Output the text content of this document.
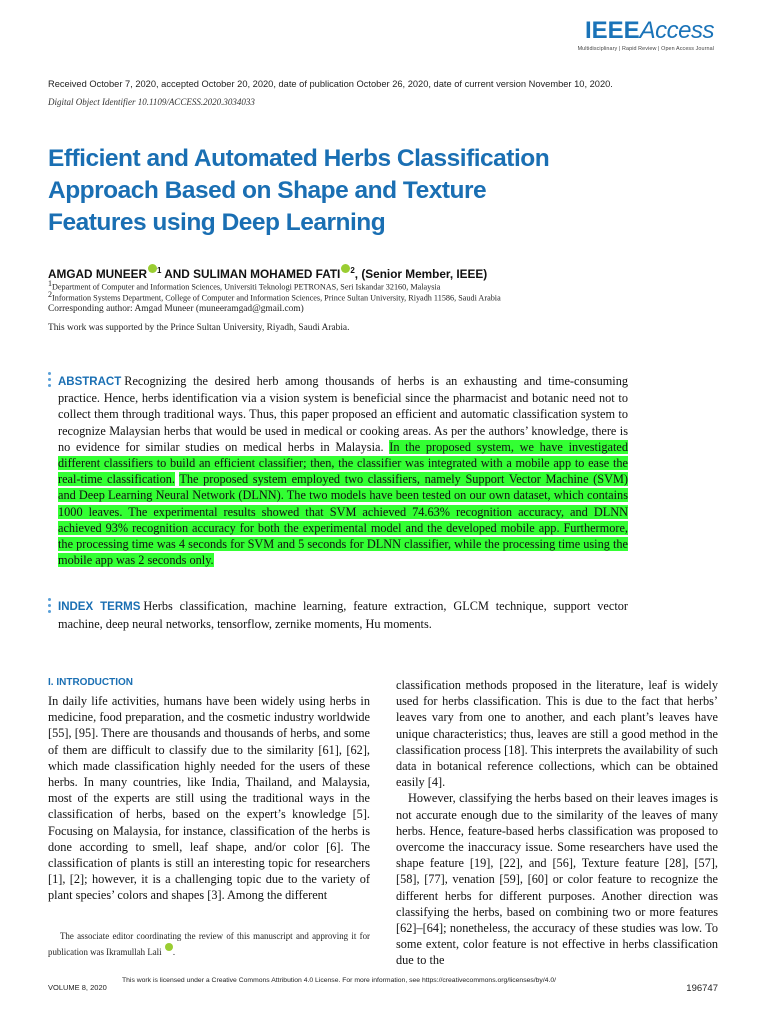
IEEEAccess
Multidisciplinary | Rapid Review | Open Access Journal
Received October 7, 2020, accepted October 20, 2020, date of publication October 26, 2020, date of current version November 10, 2020.
Digital Object Identifier 10.1109/ACCESS.2020.3034033
Efficient and Automated Herbs Classification
Approach Based on Shape and Texture
Features using Deep Learning
AMGAD MUNEER $^1$ AND SULIMAN MOHAMED FATI $^2$, (Senior Member, IEEE)
$^1$Department of Computer and Information Sciences, Universiti Teknologi PETRONAS, Seri Iskandar 32160, Malaysia
$^2$Information Systems Department, College of Computer and Information Sciences, Prince Sultan University, Riyadh 11586, Saudi Arabia
Corresponding author: Amgad Muneer (muneeramgad@gmail.com)
This work was supported by the Prince Sultan University, Riyadh, Saudi Arabia.
ABSTRACT Recognizing the desired herb among thousands of herbs is an exhausting and time-consuming practice. Hence, herbs identification via a vision system is beneficial since the pharmacist and botanic need not to collect them through traditional ways. Thus, this paper proposed an efficient and automatic classification system to recognize Malaysian herbs that would be used in medical or cooking areas. As per the authors’ knowledge, there is no evidence for similar studies on medical herbs in Malaysia. In the proposed system, we have investigated different classifiers to build an efficient classifier; then, the classifier was integrated with a mobile app to ease the real-time classification. The proposed system employed two classifiers, namely Support Vector Machine (SVM) and Deep Learning Neural Network (DLNN). The two models have been tested on our own dataset, which contains 1000 leaves. The experimental results showed that SVM achieved 74.63% recognition accuracy, and DLNN achieved 93% recognition accuracy for both the experimental model and the developed mobile app. Furthermore, the processing time was 4 seconds for SVM and 5 seconds for DLNN classifier, while the processing time using the mobile app was 2 seconds only.
INDEX TERMS Herbs classification, machine learning, feature extraction, GLCM technique, support vector machine, deep neural networks, tensorflow, zernike moments, Hu moments.
I. INTRODUCTION

In daily life activities, humans have been widely using herbs in medicine, food preparation, and the cosmetic industry worldwide [55], [95]. There are thousands and thousands of herbs, and some of them are difficult to classify due to the similarity [61], [62], which made classification highly needed for the users of these herbs. In many countries, like India, Thailand, and Malaysia, most of the experts are still using the traditional ways in the classification of herbs, based on the expert’s knowledge [5]. Focusing on Malaysia, for instance, classification of the herbs is done according to smell, leaf shape, and/or color [6]. The classification of plants is still an interesting topic for researchers [1], [2]; however, it is a challenging topic due to the variety of plant species’ colors and shapes [3]. Among the different

classification methods proposed in the literature, leaf is widely used for herbs classification. This is due to the fact that herbs’ leaves vary from one to another, and each plant’s leaves have unique characteristics; thus, leaves are still a good method in the classification process [18]. This interprets the availability of such data in botanical reference collections, which can be obtained easily [4].

However, classifying the herbs based on their leaves images is not accurate enough due to the similarity of the leaves of many herbs. Hence, feature-based herbs classification was proposed to overcome the inaccuracy issue. Some researchers have used the shape feature [19], [22], and [56], Texture feature [28], [57], [58], [77], venation [59], [60] or color feature to recognize the different herbs for different purposes. Another direction was classifying the herbs, based on combining two or more features [62]–[64]; nonetheless, the accuracy of these studies was low. To some extent, color feature is not effective in herbs classification due to the

The associate editor coordinating the review of this manuscript and approving it for publication was Ikramullah Lali .
VOLUME 8, 2020
This work is licensed under a Creative Commons Attribution 4.0 License. For more information, see https://creativecommons.org/licenses/by/4.0/
196747
